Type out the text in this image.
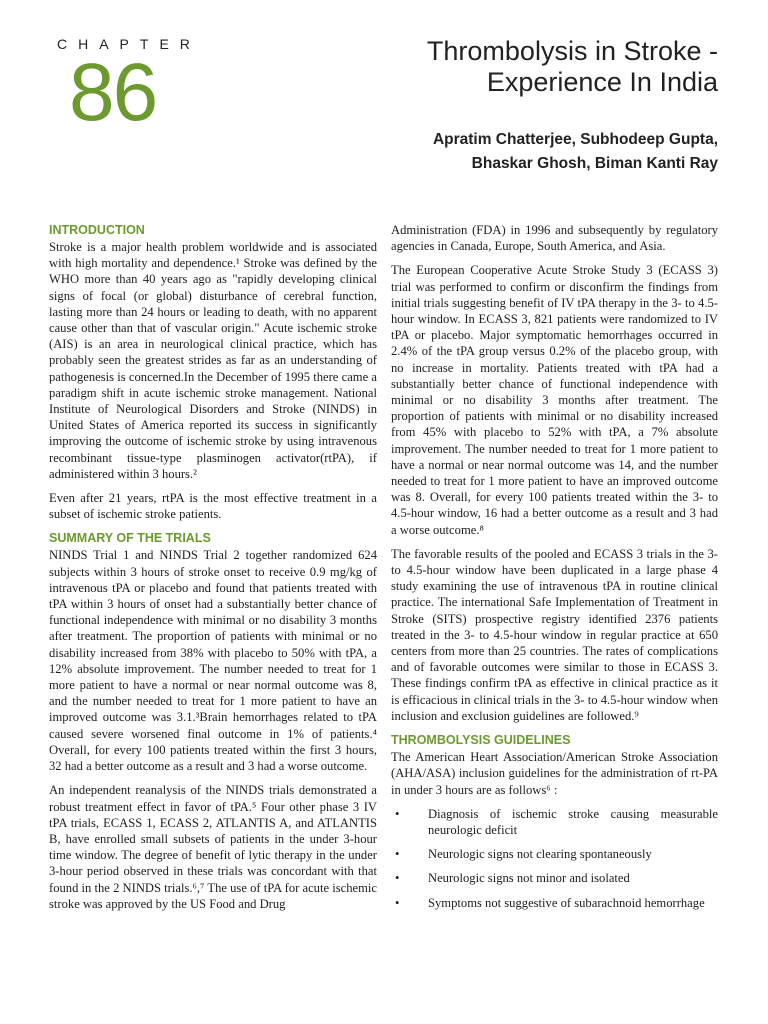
CHAPTER
86	Thrombolysis in Stroke -
Experience In India
Apratim Chatterjee, Subhodeep Gupta,
Bhaskar Ghosh, Biman Kanti Ray
INTRODUCTION

Stroke is a major health problem worldwide and is associated with high mortality and dependence.¹ Stroke was defined by the WHO more than 40 years ago as "rapidly developing clinical signs of focal (or global) disturbance of cerebral function, lasting more than 24 hours or leading to death, with no apparent cause other than that of vascular origin." Acute ischemic stroke (AIS) is an area in neurological clinical practice, which has probably seen the greatest strides as far as an understanding of pathogenesis is concerned.In the December of 1995 there came a paradigm shift in acute ischemic stroke management. National Institute of Neurological Disorders and Stroke (NINDS) in United States of America reported its success in significantly improving the outcome of ischemic stroke by using intravenous recombinant tissue-type plasminogen activator(rtPA), if administered within 3 hours.²

Even after 21 years, rtPA is the most effective treatment in a subset of ischemic stroke patients.

SUMMARY OF THE TRIALS

NINDS Trial 1 and NINDS Trial 2 together randomized 624 subjects within 3 hours of stroke onset to receive 0.9 mg/kg of intravenous tPA or placebo and found that patients treated with tPA within 3 hours of onset had a substantially better chance of functional independence with minimal or no disability 3 months after treatment. The proportion of patients with minimal or no disability increased from 38% with placebo to 50% with tPA, a 12% absolute improvement. The number needed to treat for 1 more patient to have a normal or near normal outcome was 8, and the number needed to treat for 1 more patient to have an improved outcome was 3.1.³Brain hemorrhages related to tPA caused severe worsened final outcome in 1% of patients.⁴ Overall, for every 100 patients treated within the first 3 hours, 32 had a better outcome as a result and 3 had a worse outcome.

An independent reanalysis of the NINDS trials demonstrated a robust treatment effect in favor of tPA.⁵ Four other phase 3 IV tPA trials, ECASS 1, ECASS 2, ATLANTIS A, and ATLANTIS B, have enrolled small subsets of patients in the under 3-hour time window. The degree of benefit of lytic therapy in the under 3-hour period observed in these trials was concordant with that found in the 2 NINDS trials.⁶,⁷ The use of tPA for acute ischemic stroke was approved by the US Food and Drug

Administration (FDA) in 1996 and subsequently by regulatory agencies in Canada, Europe, South America, and Asia.

The European Cooperative Acute Stroke Study 3 (ECASS 3) trial was performed to confirm or disconfirm the findings from initial trials suggesting benefit of IV tPA therapy in the 3- to 4.5-hour window. In ECASS 3, 821 patients were randomized to IV tPA or placebo. Major symptomatic hemorrhages occurred in 2.4% of the tPA group versus 0.2% of the placebo group, with no increase in mortality. Patients treated with tPA had a substantially better chance of functional independence with minimal or no disability 3 months after treatment. The proportion of patients with minimal or no disability increased from 45% with placebo to 52% with tPA, a 7% absolute improvement. The number needed to treat for 1 more patient to have a normal or near normal outcome was 14, and the number needed to treat for 1 more patient to have an improved outcome was 8. Overall, for every 100 patients treated within the 3- to 4.5-hour window, 16 had a better outcome as a result and 3 had a worse outcome.⁸

The favorable results of the pooled and ECASS 3 trials in the 3- to 4.5-hour window have been duplicated in a large phase 4 study examining the use of intravenous tPA in routine clinical practice. The international Safe Implementation of Treatment in Stroke (SITS) prospective registry identified 2376 patients treated in the 3- to 4.5-hour window in regular practice at 650 centers from more than 25 countries. The rates of complications and of favorable outcomes were similar to those in ECASS 3. These findings confirm tPA as effective in clinical practice as it is efficacious in clinical trials in the 3- to 4.5-hour window when inclusion and exclusion guidelines are followed.⁹

THROMBOLYSIS GUIDELINES

The American Heart Association/American Stroke Association (AHA/ASA) inclusion guidelines for the administration of rt-PA in under 3 hours are as follows⁶ :

• Diagnosis of ischemic stroke causing measurable neurologic deficit
• Neurologic signs not clearing spontaneously
• Neurologic signs not minor and isolated
• Symptoms not suggestive of subarachnoid hemorrhage
